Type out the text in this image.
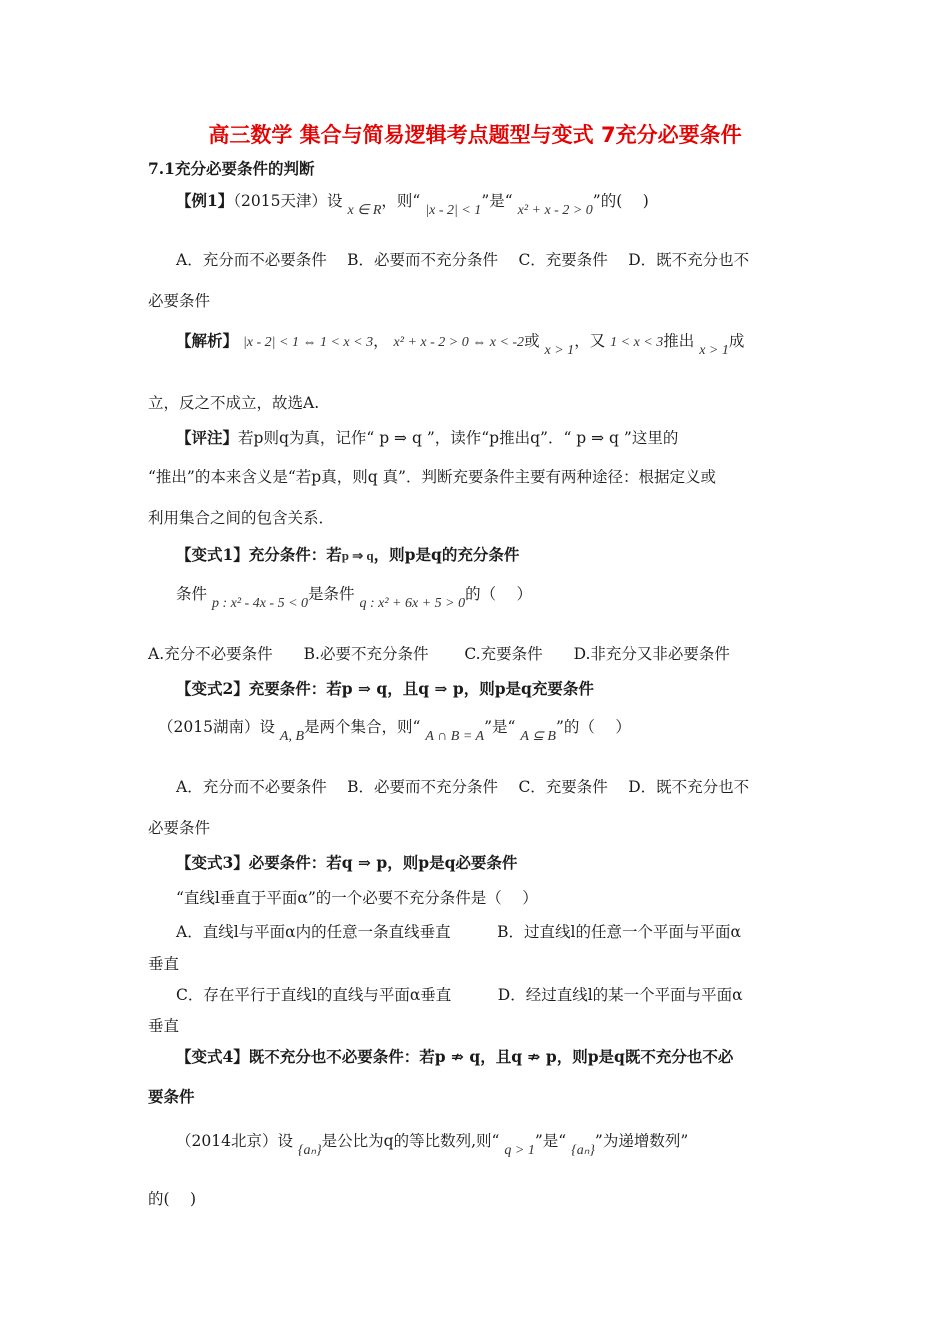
高三数学 集合与简易逻辑考点题型与变式 7充分必要条件
7.1充分必要条件的判断
【例1】（2015天津）设 x ∈ R，则“ |x - 2| < 1”是“ x² + x - 2 > 0”的(　 )
A．充分而不必要条件　 B．必要而不充分条件　 C．充要条件　 D．既不充分也不
必要条件
【解析】 |x - 2| < 1 ⇔ 1 < x < 3， x² + x - 2 > 0 ⇔ x < -2或 x > 1，又 1 < x < 3推出 x > 1成
立，反之不成立，故选A.
【评注】若p则q为真，记作“ p ⇒ q ”，读作“p推出q”．“ p ⇒ q ”这里的
“推出”的本来含义是“若p真，则q 真”．判断充要条件主要有两种途径：根据定义或
利用集合之间的包含关系．
【变式1】充分条件：若p ⇒ q，则p是q的充分条件
条件 p : x² - 4x - 5 < 0是条件 q : x² + 6x + 5 > 0的（　 ）
A.充分不必要条件　　B.必要不充分条件　　 C.充要条件　　D.非充分又非必要条件
【变式2】充要条件：若p ⇒ q，且q ⇒ p，则p是q充要条件
（2015湖南）设 A, B是两个集合，则“ A ∩ B = A”是“ A ⊆ B”的（　 ）
A．充分而不必要条件　 B．必要而不充分条件　 C．充要条件　 D．既不充分也不
必要条件
【变式3】必要条件：若q ⇒ p，则p是q必要条件
“直线l垂直于平面α”的一个必要不充分条件是（　 ）
A．直线l与平面α内的任意一条直线垂直　　　B．过直线l的任意一个平面与平面α
垂直
C．存在平行于直线l的直线与平面α垂直　　　D．经过直线l的某一个平面与平面α
垂直
【变式4】既不充分也不必要条件：若p ⇏ q，且q ⇏ p，则p是q既不充分也不必
要条件
（2014北京）设 {aₙ}是公比为q的等比数列,则“ q > 1”是“ {aₙ}”为递增数列”
的(　 )
